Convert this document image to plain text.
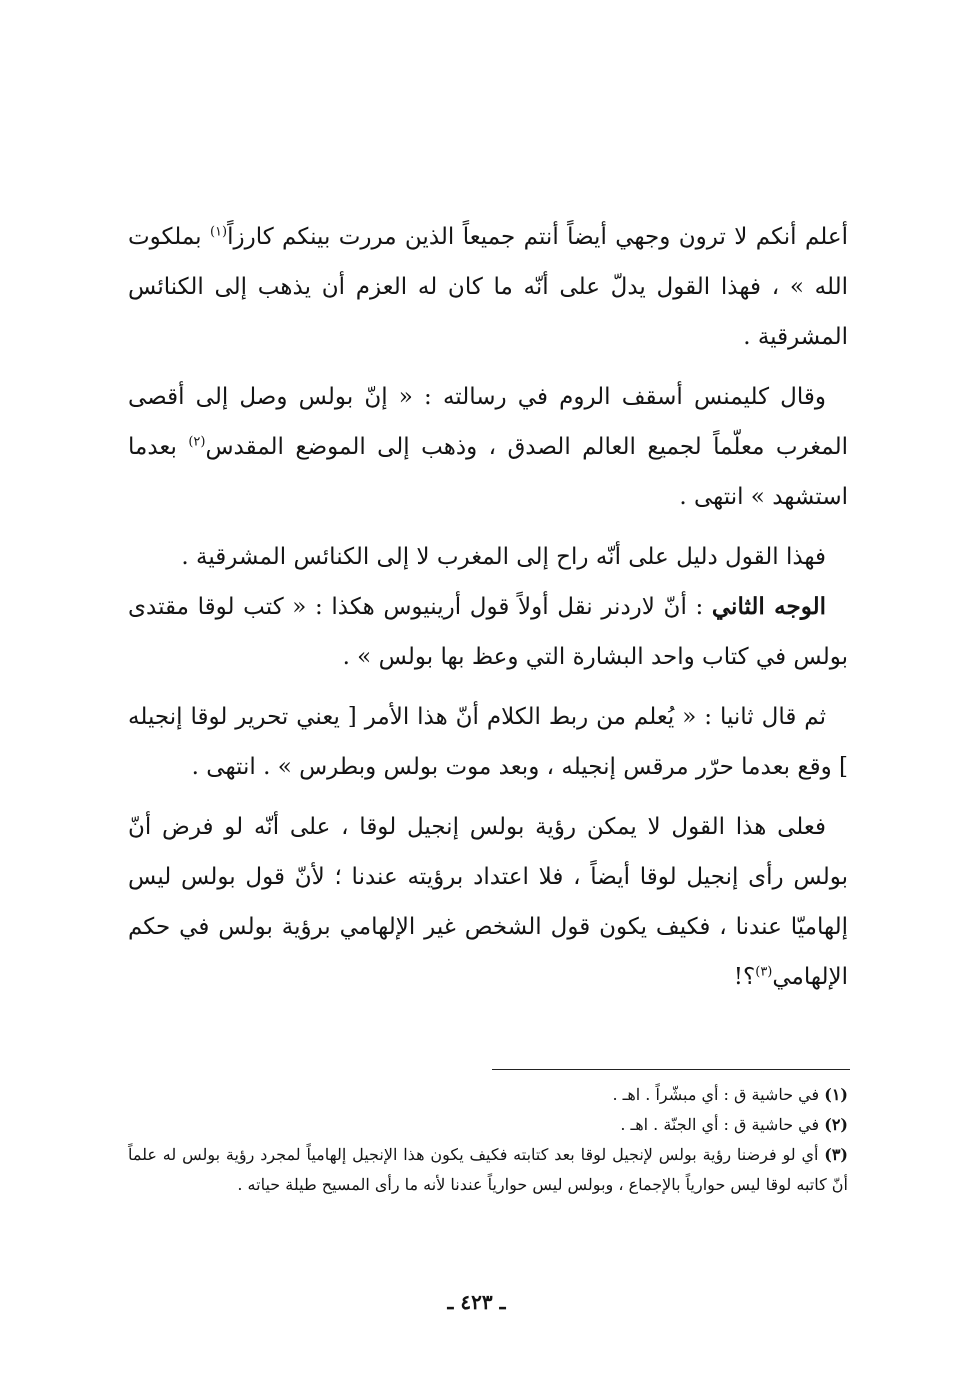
أعلم أنكم لا ترون وجهي أيضاً أنتم جميعاً الذين مررت بينكم كارزاً$^{(١)}$ بملكوت الله » ، فهذا القول يدلّ على أنّه ما كان له العزم أن يذهب إلى الكنائس المشرقية .

وقال كليمنس أسقف الروم في رسالته : « إنّ بولس وصل إلى أقصى المغرب معلّماً لجميع العالم الصدق ، وذهب إلى الموضع المقدس$^{(٢)}$ بعدما استشهد » انتهى .

فهذا القول دليل على أنّه راح إلى المغرب لا إلى الكنائس المشرقية .

الوجه الثاني : أنّ لاردنر نقل أولاً قول أرينيوس هكذا : « كتب لوقا مقتدى بولس في كتاب واحد البشارة التي وعظ بها بولس » .

ثم قال ثانيا : « يُعلم من ربط الكلام أنّ هذا الأمر [ يعني تحرير لوقا إنجيله ] وقع بعدما حرّر مرقس إنجيله ، وبعد موت بولس وبطرس » . انتهى .

فعلى هذا القول لا يمكن رؤية بولس إنجيل لوقا ، على أنّه لو فرض أنّ بولس رأى إنجيل لوقا أيضاً ، فلا اعتداد برؤيته عندنا ؛ لأنّ قول بولس ليس إلهاميّا عندنا ، فكيف يكون قول الشخص غير الإلهامي برؤية بولس في حكم الإلهامي$^{(٣)}$؟!

(١) في حاشية ق : أي مبشّراً . اهـ .

(٢) في حاشية ق : أي الجنّة . اهـ .

(٣) أي لو فرضنا رؤية بولس لإنجيل لوقا بعد كتابته فكيف يكون هذا الإنجيل إلهامياً لمجرد رؤية بولس له علماً أنّ كاتبه لوقا ليس حوارياً بالإجماع ، وبولس ليس حوارياً عندنا لأنه ما رأى المسيح طيلة حياته .

ـ ٤٢٣ ـ
